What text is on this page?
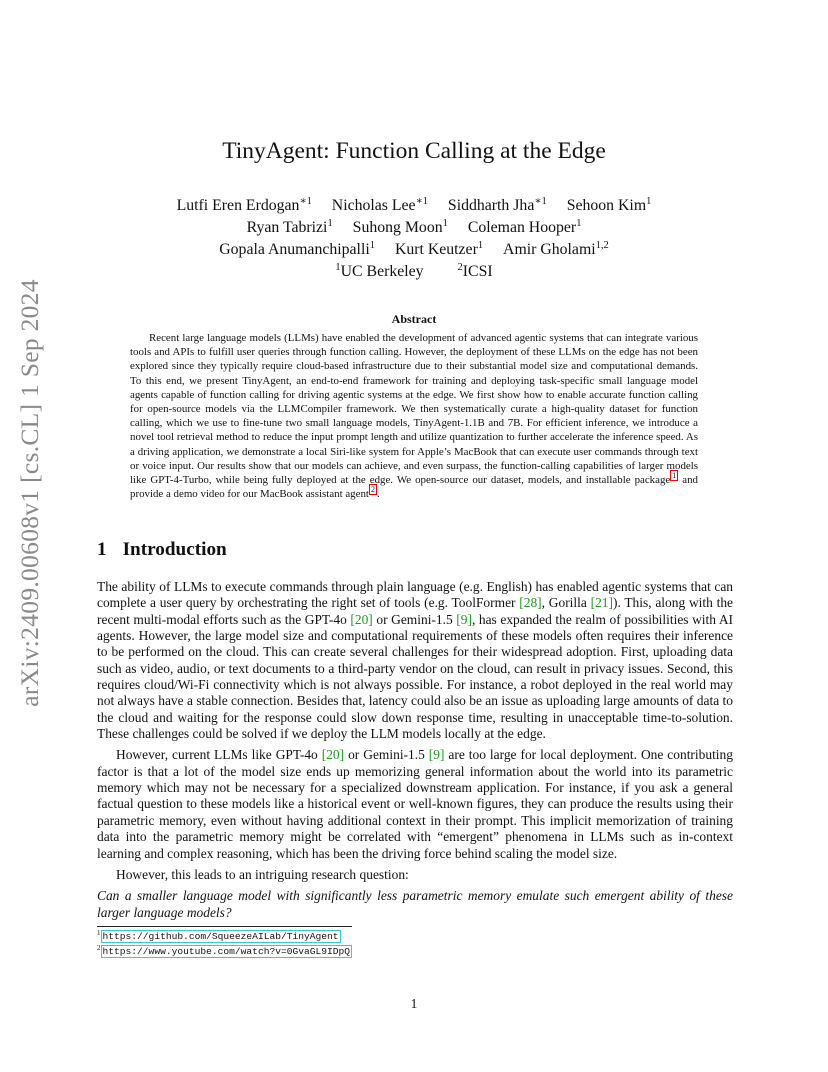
arXiv:2409.00608v1 [cs.CL] 1 Sep 2024
TinyAgent: Function Calling at the Edge
Lutfi Eren Erdogan$^{∗1}$ Nicholas Lee$^{∗1}$ Siddharth Jha$^{∗1}$ Sehoon Kim$^1$
Ryan Tabrizi$^1$ Suhong Moon$^1$ Coleman Hooper$^1$
Gopala Anumanchipalli$^1$ Kurt Keutzer$^1$ Amir Gholami$^{1,2}$
$^1$UC Berkeley	$^2$ICSI
Abstract

Recent large language models (LLMs) have enabled the development of advanced agentic systems that can integrate various tools and APIs to fulfill user queries through function calling. However, the deployment of these LLMs on the edge has not been explored since they typically require cloud-based infrastructure due to their substantial model size and computational demands. To this end, we present TinyAgent, an end-to-end framework for training and deploying task-specific small language model agents capable of function calling for driving agentic systems at the edge. We first show how to enable accurate function calling for open-source models via the LLMCompiler framework. We then systematically curate a high-quality dataset for function calling, which we use to fine-tune two small language models, TinyAgent-1.1B and 7B. For efficient inference, we introduce a novel tool retrieval method to reduce the input prompt length and utilize quantization to further accelerate the inference speed. As a driving application, we demonstrate a local Siri-like system for Apple’s MacBook that can execute user commands through text or voice input. Our results show that our models can achieve, and even surpass, the function-calling capabilities of larger models like GPT-4-Turbo, while being fully deployed at the edge. We open-source our dataset, models, and installable package $^1$ and provide a demo video for our MacBook assistant agent $^2$ .

1 Introduction

The ability of LLMs to execute commands through plain language (e.g. English) has enabled agentic systems that can complete a user query by orchestrating the right set of tools (e.g. ToolFormer [28], Gorilla [21]). This, along with the recent multi-modal efforts such as the GPT-4o [20] or Gemini-1.5 [9], has expanded the realm of possibilities with AI agents. However, the large model size and computational requirements of these models often requires their inference to be performed on the cloud. This can create several challenges for their widespread adoption. First, uploading data such as video, audio, or text documents to a third-party vendor on the cloud, can result in privacy issues. Second, this requires cloud/Wi-Fi connectivity which is not always possible. For instance, a robot deployed in the real world may not always have a stable connection. Besides that, latency could also be an issue as uploading large amounts of data to the cloud and waiting for the response could slow down response time, resulting in unacceptable time-to-solution. These challenges could be solved if we deploy the LLM models locally at the edge.

However, current LLMs like GPT-4o [20] or Gemini-1.5 [9] are too large for local deployment. One contributing factor is that a lot of the model size ends up memorizing general information about the world into its parametric memory which may not be necessary for a specialized downstream application. For instance, if you ask a general factual question to these models like a historical event or well-known figures, they can produce the results using their parametric memory, even without having additional context in their prompt. This implicit memorization of training data into the parametric memory might be correlated with “emergent” phenomena in LLMs such as in-context learning and complex reasoning, which has been the driving force behind scaling the model size.

However, this leads to an intriguing research question:

Can a smaller language model with significantly less parametric memory emulate such emergent ability of these larger language models?

$^1$ https://github.com/SqueezeAILab/TinyAgent
$^2$ https://www.youtube.com/watch?v=0GvaGL9IDpQ
1
